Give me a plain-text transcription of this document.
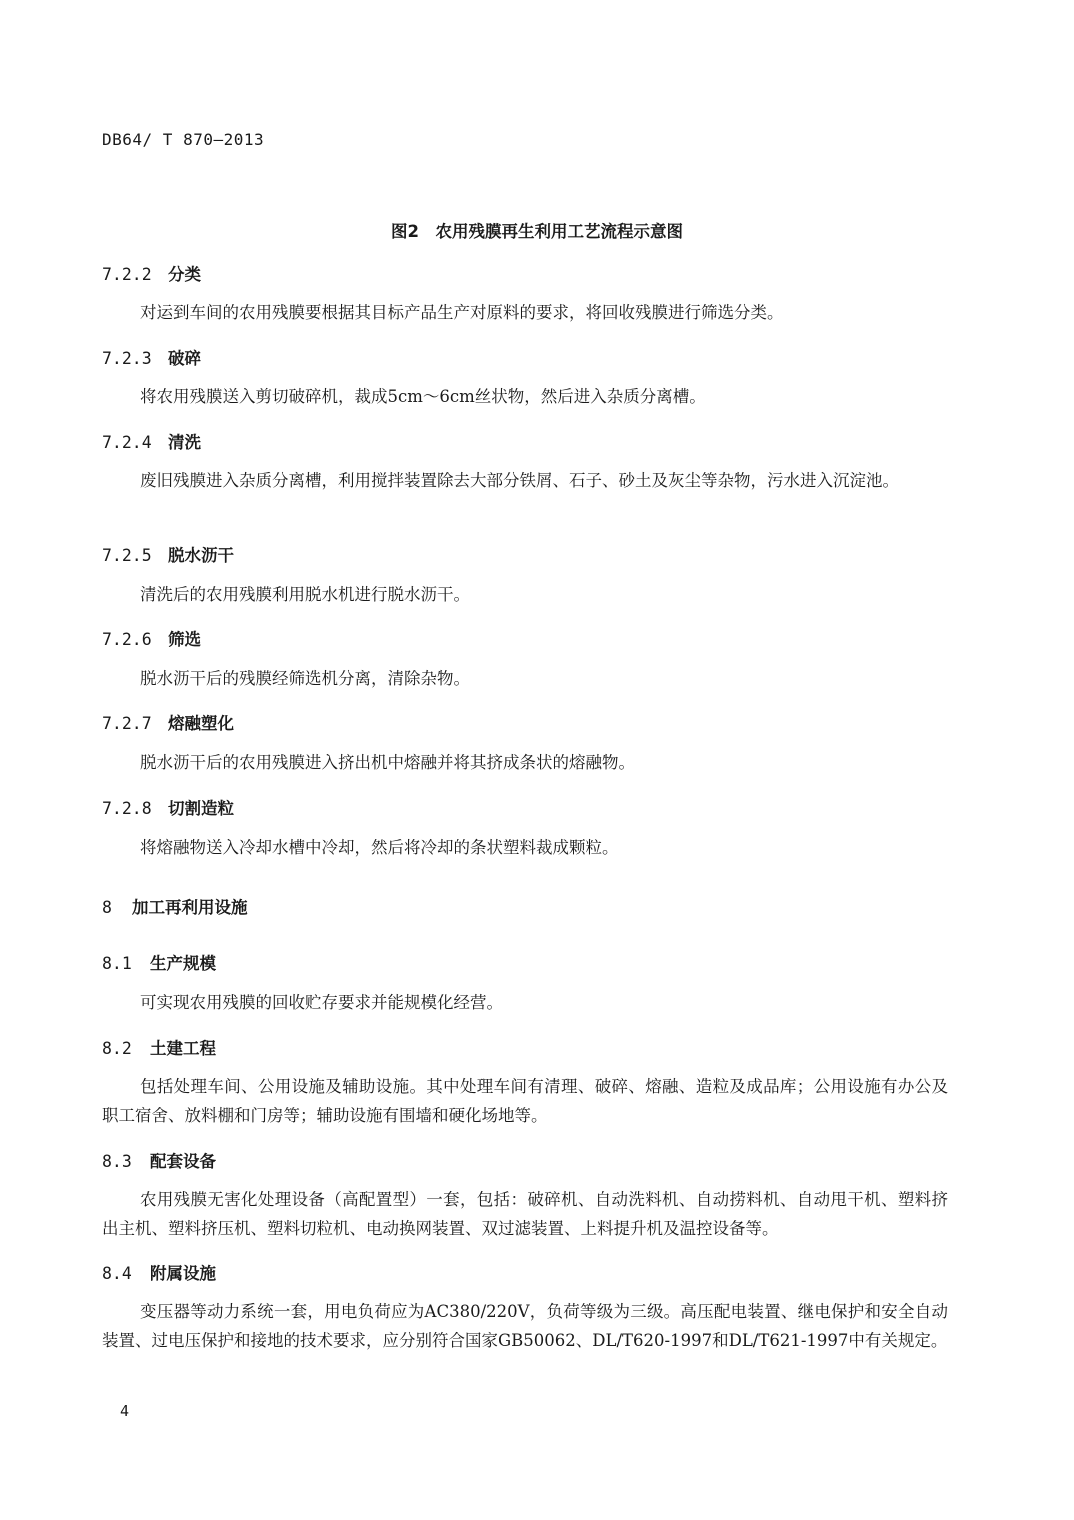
DB64/ T 870—2013
图2　农用残膜再生利用工艺流程示意图
7.2.2 分类
对运到车间的农用残膜要根据其目标产品生产对原料的要求，将回收残膜进行筛选分类。
7.2.3 破碎
将农用残膜送入剪切破碎机，裁成5cm～6cm丝状物，然后进入杂质分离槽。
7.2.4 清洗
废旧残膜进入杂质分离槽，利用搅拌装置除去大部分铁屑、石子、砂土及灰尘等杂物，污水进入沉淀池。
7.2.5 脱水沥干
清洗后的农用残膜利用脱水机进行脱水沥干。
7.2.6 筛选
脱水沥干后的残膜经筛选机分离，清除杂物。
7.2.7 熔融塑化
脱水沥干后的农用残膜进入挤出机中熔融并将其挤成条状的熔融物。
7.2.8 切割造粒
将熔融物送入冷却水槽中冷却，然后将冷却的条状塑料裁成颗粒。
8 加工再利用设施
8.1 生产规模
可实现农用残膜的回收贮存要求并能规模化经营。
8.2 土建工程
包括处理车间、公用设施及辅助设施。其中处理车间有清理、破碎、熔融、造粒及成品库；公用设施有办公及职工宿舍、放料棚和门房等；辅助设施有围墙和硬化场地等。
8.3 配套设备
农用残膜无害化处理设备（高配置型）一套，包括：破碎机、自动洗料机、自动捞料机、自动甩干机、塑料挤出主机、塑料挤压机、塑料切粒机、电动换网装置、双过滤装置、上料提升机及温控设备等。
8.4 附属设施
变压器等动力系统一套，用电负荷应为AC380/220V，负荷等级为三级。高压配电装置、继电保护和安全自动装置、过电压保护和接地的技术要求，应分别符合国家GB50062、DL/T620-1997和DL/T621-1997中有关规定。
4
